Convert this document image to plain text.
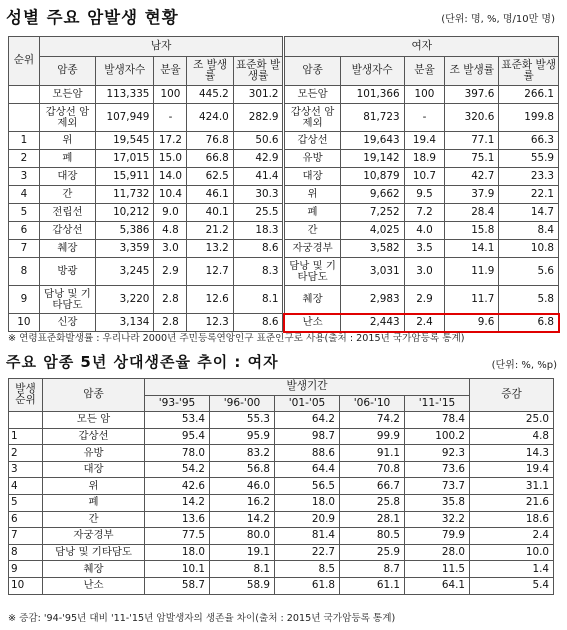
성별 주요 암발생 현황	(단위: 명, %, 명/10만 명)
순위	남자					여자				
	암종	발생자수	분율	조 발생률	표준화 발생률	암종	발생자수	분율	조 발생률	표준화 발생률
	모든암	113,335	100	445.2	301.2	모든암	101,366	100	397.6	266.1
	갑상선 암 제외	107,949	-	424.0	282.9	갑상선 암 제외	81,723	-	320.6	199.8
1	위	19,545	17.2	76.8	50.6	갑상선	19,643	19.4	77.1	66.3
2	폐	17,015	15.0	66.8	42.9	유방	19,142	18.9	75.1	55.9
3	대장	15,911	14.0	62.5	41.4	대장	10,879	10.7	42.7	23.3
4	간	11,732	10.4	46.1	30.3	위	9,662	9.5	37.9	22.1
5	전립선	10,212	9.0	40.1	25.5	폐	7,252	7.2	28.4	14.7
6	갑상선	5,386	4.8	21.2	18.3	간	4,025	4.0	15.8	8.4
7	췌장	3,359	3.0	13.2	8.6	자궁경부	3,582	3.5	14.1	10.8
8	방광	3,245	2.9	12.7	8.3	담낭 및 기타담도	3,031	3.0	11.9	5.6
9	담낭 및 기타담도	3,220	2.8	12.6	8.1	췌장	2,983	2.9	11.7	5.8
10	신장	3,134	2.8	12.3	8.6	난소	2,443	2.4	9.6	6.8
※ 연령표준화발생률 : 우리나라 2000년 주민등록연앙인구 표준인구로 사용(출처 : 2015년 국가암등록 통계)
주요 암종 5년 상대생존율 추이 : 여자	(단위: %, %p)
발생 순위	암종	발생기간					증감
		'93-'95	'96-'00	'01-'05	'06-'10	'11-'15	
	모든 암	53.4	55.3	64.2	74.2	78.4	25.0
1	갑상선	95.4	95.9	98.7	99.9	100.2	4.8
2	유방	78.0	83.2	88.6	91.1	92.3	14.3
3	대장	54.2	56.8	64.4	70.8	73.6	19.4
4	위	42.6	46.0	56.5	66.7	73.7	31.1
5	폐	14.2	16.2	18.0	25.8	35.8	21.6
6	간	13.6	14.2	20.9	28.1	32.2	18.6
7	자궁경부	77.5	80.0	81.4	80.5	79.9	2.4
8	담낭 및 기타담도	18.0	19.1	22.7	25.9	28.0	10.0
9	췌장	10.1	8.1	8.5	8.7	11.5	1.4
10	난소	58.7	58.9	61.8	61.1	64.1	5.4
※ 증감: '94-'95년 대비 '11-'15년 암발생자의 생존율 차이(출처 : 2015년 국가암등록 통계)
